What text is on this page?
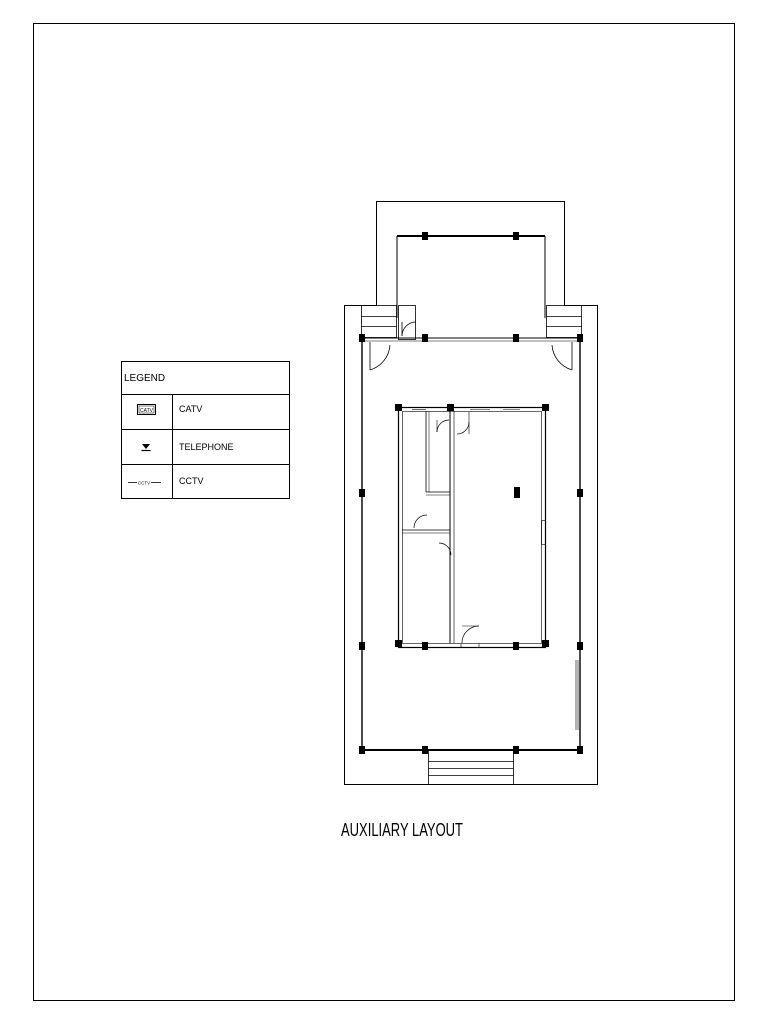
LEGEND
CATV	CATV
TELEPHONE
CCTV	CCTV
AUXILIARY LAYOUT
